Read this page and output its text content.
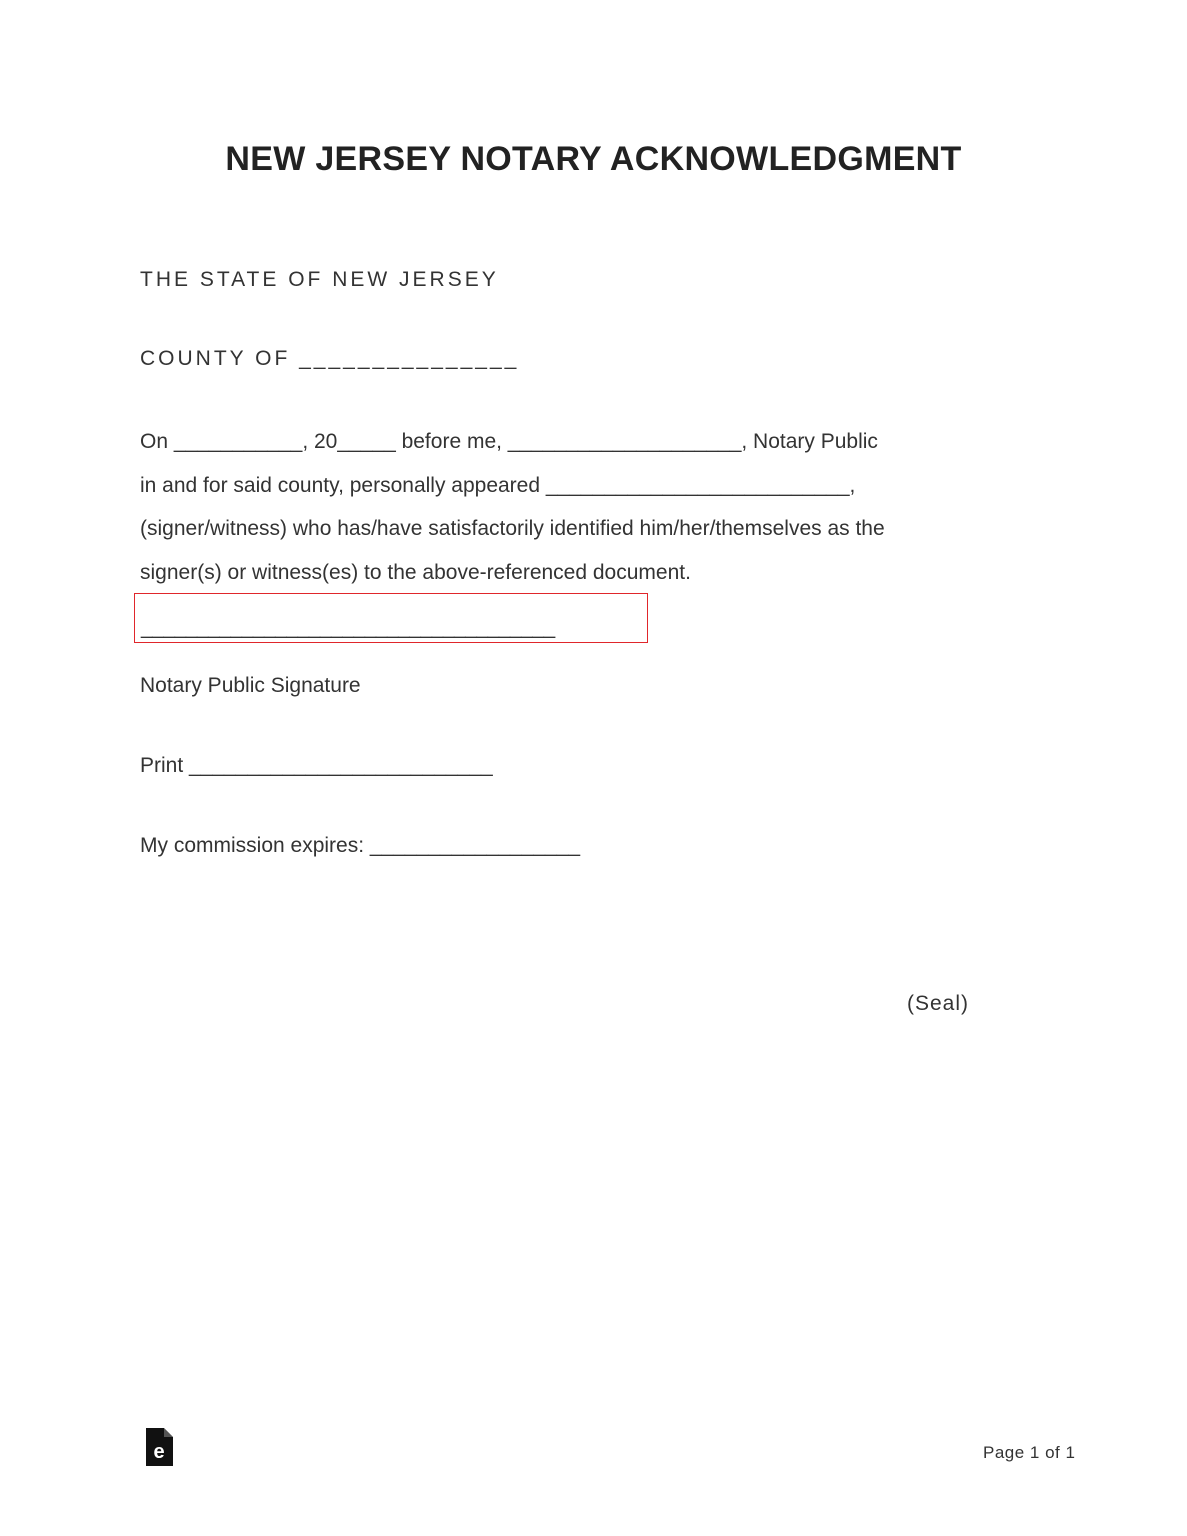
NEW JERSEY NOTARY ACKNOWLEDGMENT

THE STATE OF NEW JERSEY

COUNTY OF _______________

On ___________, 20_____ before me, ____________________, Notary Public
in and for said county, personally appeared __________________________,
(signer/witness) who has/have satisfactorily identified him/her/themselves as the
signer(s) or witness(es) to the above-referenced document.
_____________________________________

Notary Public Signature

Print __________________________

My commission expires: __________________

(Seal)
e	Page 1 of 1
